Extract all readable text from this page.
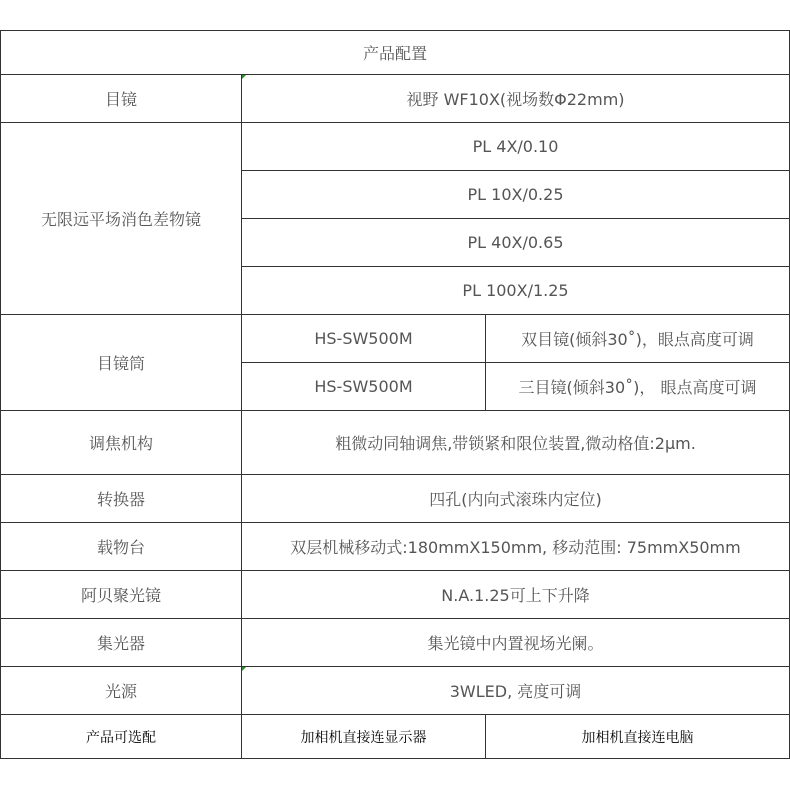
产品配置		
目镜	视野 WF10X(视场数Φ22mm)	
无限远平场消色差物镜	PL 4X/0.10	
	PL 10X/0.25	
	PL 40X/0.65	
	PL 100X/1.25	
目镜筒	HS-SW500M	双目镜(倾斜30˚)，眼点高度可调
	HS-SW500M	三目镜(倾斜30˚)， 眼点高度可调
调焦机构	粗微动同轴调焦,带锁紧和限位装置,微动格值:2μm.	
转换器	四孔(内向式滚珠内定位)	
载物台	双层机械移动式:180mmX150mm, 移动范围: 75mmX50mm	
阿贝聚光镜	N.A.1.25可上下升降	
集光器	集光镜中内置视场光阑。	
光源	3WLED, 亮度可调	
产品可选配	加相机直接连显示器	加相机直接连电脑
